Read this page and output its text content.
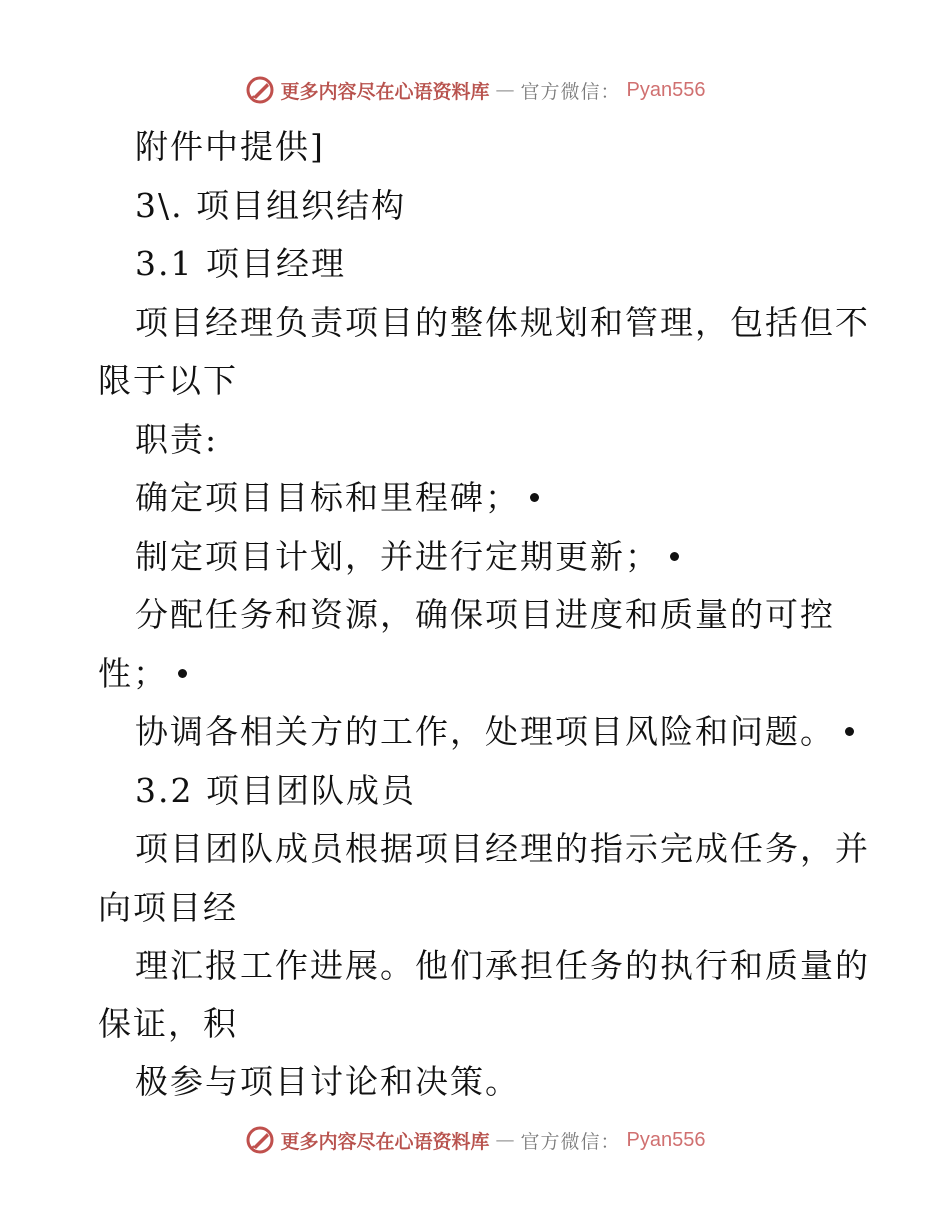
更多内容尽在心语资料库 — 官方微信： Pyan556
附件中提供]
3\. 项目组织结构
3.1 项目经理
项目经理负责项目的整体规划和管理，包括但不
限于以下
职责:
确定项目目标和里程碑；
制定项目计划，并进行定期更新；
分配任务和资源，确保项目进度和质量的可控
性；
协调各相关方的工作，处理项目风险和问题。
3.2 项目团队成员
项目团队成员根据项目经理的指示完成任务，并
向项目经
理汇报工作进展。他们承担任务的执行和质量的
保证，积
极参与项目讨论和决策。
更多内容尽在心语资料库 — 官方微信： Pyan556
